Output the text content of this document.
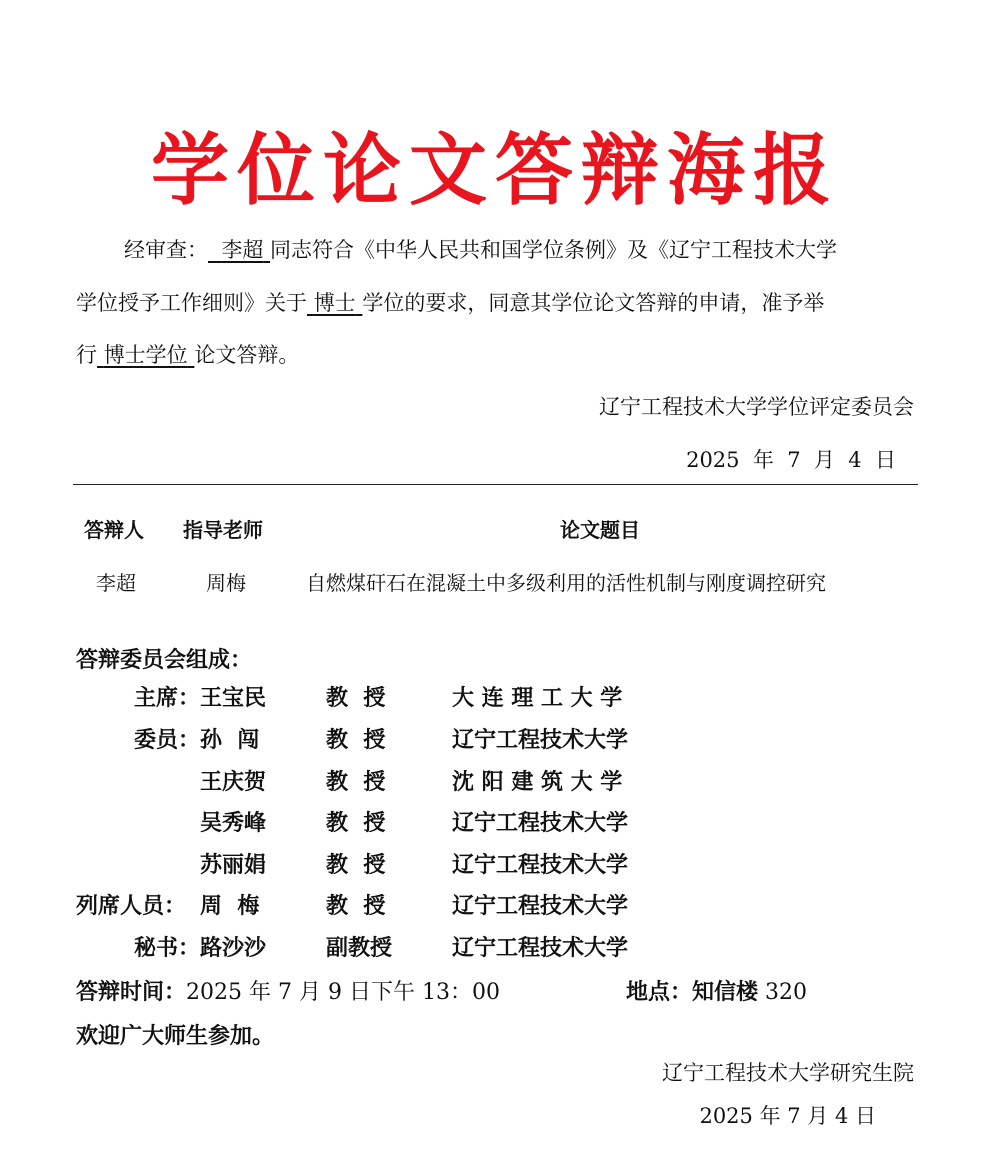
学位论文答辩海报
经审查： 李超 同志符合《中华人民共和国学位条例》及《辽宁工程技术大学
学位授予工作细则》关于 博士 学位的要求，同意其学位论文答辩的申请，准予举
行 博士学位 论文答辩。
辽宁工程技术大学学位评定委员会
2025  年  7  月  4  日
答辩人 指导老师	论文题目
李超	周梅	自燃煤矸石在混凝土中多级利用的活性机制与刚度调控研究
答辩委员会组成：
主席： 王宝民	教  授	大 连 理 工 大 学
委员： 孙  闯	教  授	辽宁工程技术大学
王庆贺	教  授	沈 阳 建 筑 大 学
吴秀峰	教  授	辽宁工程技术大学
苏丽娟	教  授	辽宁工程技术大学
列席人员： 周  梅	教  授	辽宁工程技术大学
秘书： 路沙沙	副教授	辽宁工程技术大学
答辩时间：2025 年 7 月 9 日下午 13：00	地点：知信楼 320
欢迎广大师生参加。
辽宁工程技术大学研究生院
2025 年 7 月 4 日
